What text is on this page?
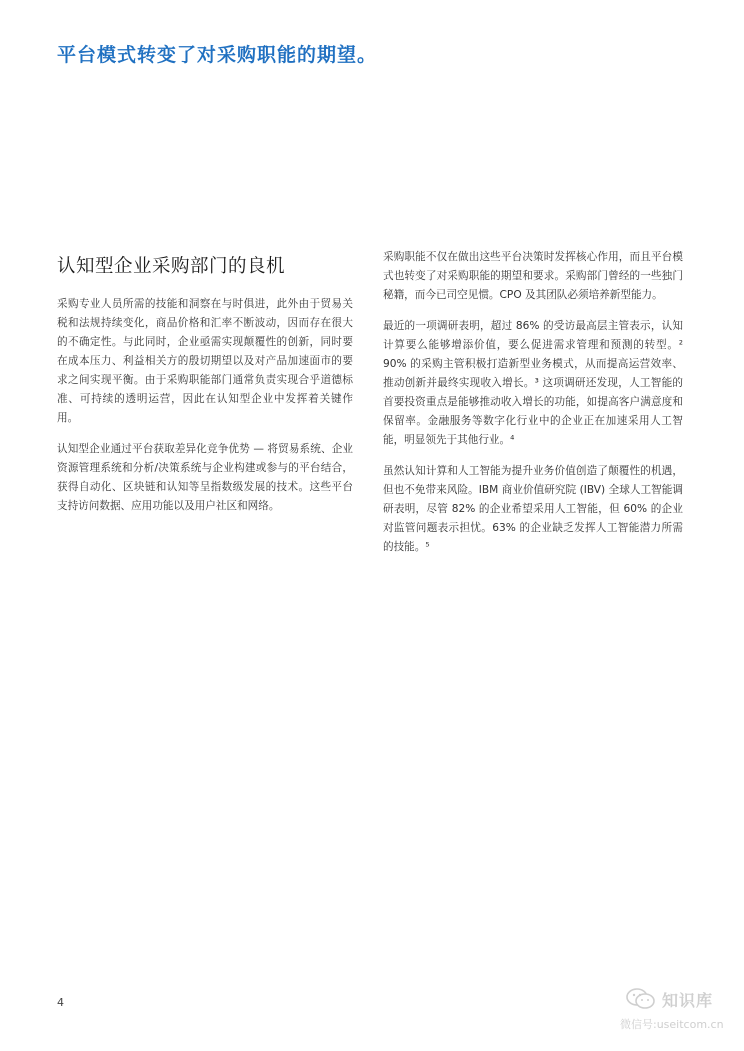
平台模式转变了对采购职能的期望。
认知型企业采购部门的良机

采购专业人员所需的技能和洞察在与时俱进，此外由于贸易关税和法规持续变化，商品价格和汇率不断波动，因而存在很大的不确定性。与此同时，企业亟需实现颠覆性的创新，同时要在成本压力、利益相关方的殷切期望以及对产品加速面市的要求之间实现平衡。由于采购职能部门通常负责实现合乎道德标准、可持续的透明运营，因此在认知型企业中发挥着关键作用。

认知型企业通过平台获取差异化竞争优势 — 将贸易系统、企业资源管理系统和分析/决策系统与企业构建或参与的平台结合，获得自动化、区块链和认知等呈指数级发展的技术。这些平台支持访问数据、应用功能以及用户社区和网络。

采购职能不仅在做出这些平台决策时发挥核心作用，而且平台模式也转变了对采购职能的期望和要求。采购部门曾经的一些独门秘籍，而今已司空见惯。CPO 及其团队必须培养新型能力。

最近的一项调研表明，超过 86% 的受访最高层主管表示，认知计算要么能够增添价值，要么促进需求管理和预测的转型。² 90% 的采购主管积极打造新型业务模式，从而提高运营效率、推动创新并最终实现收入增长。³ 这项调研还发现，人工智能的首要投资重点是能够推动收入增长的功能，如提高客户满意度和保留率。金融服务等数字化行业中的企业正在加速采用人工智能，明显领先于其他行业。⁴

虽然认知计算和人工智能为提升业务价值创造了颠覆性的机遇，但也不免带来风险。IBM 商业价值研究院 (IBV) 全球人工智能调研表明，尽管 82% 的企业希望采用人工智能，但 60% 的企业对监管问题表示担忧。63% 的企业缺乏发挥人工智能潜力所需的技能。⁵

4	知识库
微信号:useitcom.cn
